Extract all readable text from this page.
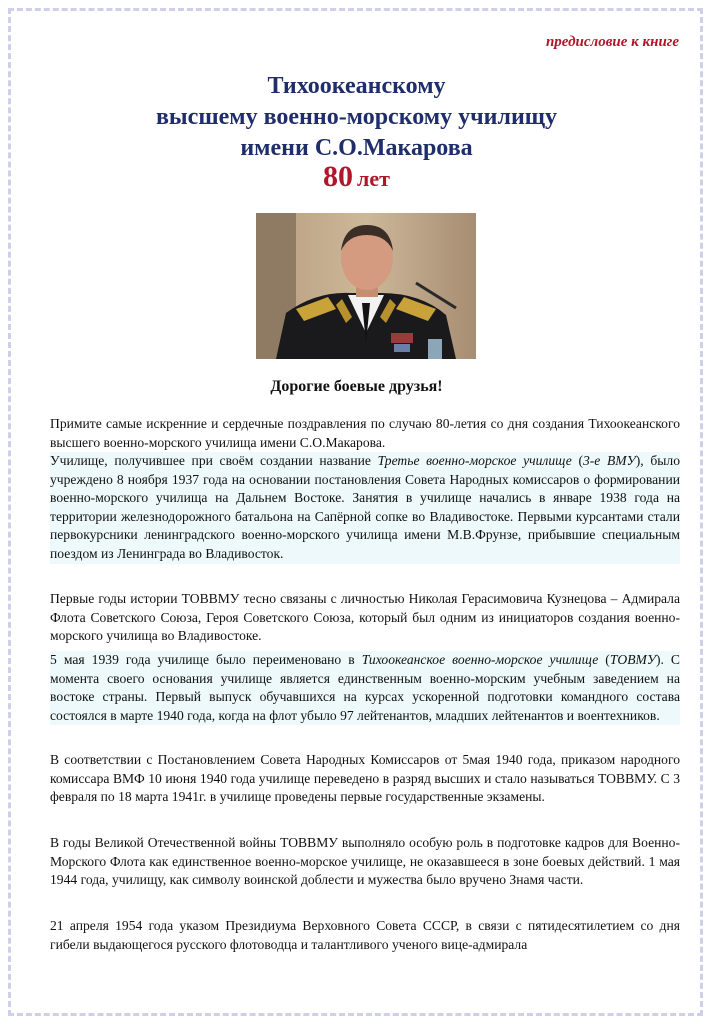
предисловие к книге
Тихоокеанскому
высшему военно-морскому училищу
имени С.О.Макарова
80 лет
Дорогие боевые друзья!
Примите самые искренние и сердечные поздравления по случаю 80-летия со дня создания Тихоокеанского высшего военно-морского училища имени С.О.Макарова.
Училище, получившее при своём создании название Третье военно-морское училище (3-е ВМУ), было учреждено 8 ноября 1937 года на основании постановления Совета Народных комиссаров о формировании военно-морского училища на Дальнем Востоке. Занятия в училище начались в январе 1938 года на территории железнодорожного батальона на Сапёрной сопке во Владивостоке. Первыми курсантами стали первокурсники ленинградского военно-морского училища имени М.В.Фрунзе, прибывшие специальным поездом из Ленинграда во Владивосток.
Первые годы истории ТОВВМУ тесно связаны с личностью Николая Герасимовича Кузнецова – Адмирала Флота Советского Союза, Героя Советского Союза, который был одним из инициаторов создания военно-морского училища во Владивостоке.
5 мая 1939 года училище было переименовано в Тихоокеанское военно-морское училище (ТОВМУ). С момента своего основания училище является единственным военно-морским учебным заведением на востоке страны. Первый выпуск обучавшихся на курсах ускоренной подготовки командного состава состоялся в марте 1940 года, когда на флот убыло 97 лейтенантов, младших лейтенантов и воентехников.
В соответствии с Постановлением Совета Народных Комиссаров от 5мая 1940 года, приказом народного комиссара ВМФ 10 июня 1940 года училище переведено в разряд высших и стало называться ТОВВМУ. С 3 февраля по 18 марта 1941г. в училище проведены первые государственные экзамены.
В годы Великой Отечественной войны ТОВВМУ выполняло особую роль в подготовке кадров для Военно-Морского Флота как единственное военно-морское училище, не оказавшееся в зоне боевых действий. 1 мая 1944 года, училищу, как символу воинской доблести и мужества было вручено Знамя части.
21 апреля 1954 года указом Президиума Верховного Совета СССР, в связи с пятидесятилетием со дня гибели выдающегося русского флотоводца и талантливого ученого вице-адмирала
